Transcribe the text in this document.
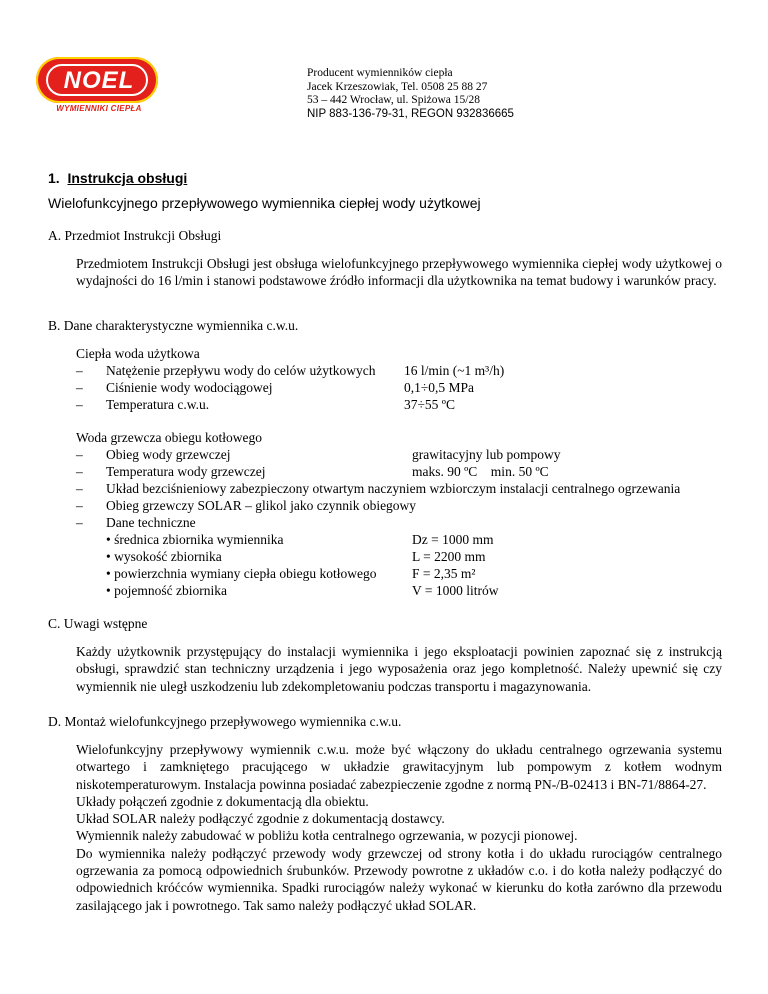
NOEL
WYMIENNIKI CIEPŁA
Producent wymienników ciepła
Jacek Krzeszowiak, Tel. 0508 25 88 27
53 – 442 Wrocław, ul. Spiżowa 15/28
NIP 883-136-79-31, REGON 932836665
1. Instrukcja obsługi
Wielofunkcyjnego przepływowego wymiennika ciepłej wody użytkowej
A. Przedmiot Instrukcji Obsługi

Przedmiotem Instrukcji Obsługi jest obsługa wielofunkcyjnego przepływowego wymiennika ciepłej wody użytkowej o wydajności do 16 l/min i stanowi podstawowe źródło informacji dla użytkownika na temat budowy i warunków pracy.

B. Dane charakterystyczne wymiennika c.w.u.
Ciepła woda użytkowa
– Natężenie przepływu wody do celów użytkowych 16 l/min (~1 m³/h)
– Ciśnienie wody wodociągowej	0,1÷0,5 MPa
– Temperatura c.w.u.	37÷55 ºC
Woda grzewcza obiegu kotłowego
– Obieg wody grzewczej	grawitacyjny lub pompowy
– Temperatura wody grzewczej	maks. 90 ºC    min. 50 ºC
– Układ bezciśnieniowy zabezpieczony otwartym naczyniem wzbiorczym instalacji centralnego ogrzewania
– Obieg grzewczy SOLAR – glikol jako czynnik obiegowy
– Dane techniczne
• średnica zbiornika wymiennika	Dz = 1000 mm
• wysokość zbiornika	L = 2200 mm
• powierzchnia wymiany ciepła obiegu kotłowego	F = 2,35 m²
• pojemność zbiornika	V = 1000 litrów
C. Uwagi wstępne

Każdy użytkownik przystępujący do instalacji wymiennika i jego eksploatacji powinien zapoznać się z instrukcją obsługi, sprawdzić stan techniczny urządzenia i jego wyposażenia oraz jego kompletność. Należy upewnić się czy wymiennik nie uległ uszkodzeniu lub zdekompletowaniu podczas transportu i magazynowania.

D. Montaż wielofunkcyjnego przepływowego wymiennika c.w.u.

Wielofunkcyjny przepływowy wymiennik c.w.u. może być włączony do układu centralnego ogrzewania systemu otwartego i zamkniętego pracującego w układzie grawitacyjnym lub pompowym z kotłem wodnym niskotemperaturowym. Instalacja powinna posiadać zabezpieczenie zgodne z normą PN-/B-02413 i BN-71/8864-27.

Układy połączeń zgodnie z dokumentacją dla obiektu.

Układ SOLAR należy podłączyć zgodnie z dokumentacją dostawcy.

Wymiennik należy zabudować w pobliżu kotła centralnego ogrzewania, w pozycji pionowej.

Do wymiennika należy podłączyć przewody wody grzewczej od strony kotła i do układu rurociągów centralnego ogrzewania za pomocą odpowiednich śrubunków. Przewody powrotne z układów c.o. i do kotła należy podłączyć do odpowiednich króćców wymiennika. Spadki rurociągów należy wykonać w kierunku do kotła zarówno dla przewodu zasilającego jak i powrotnego. Tak samo należy podłączyć układ SOLAR.
